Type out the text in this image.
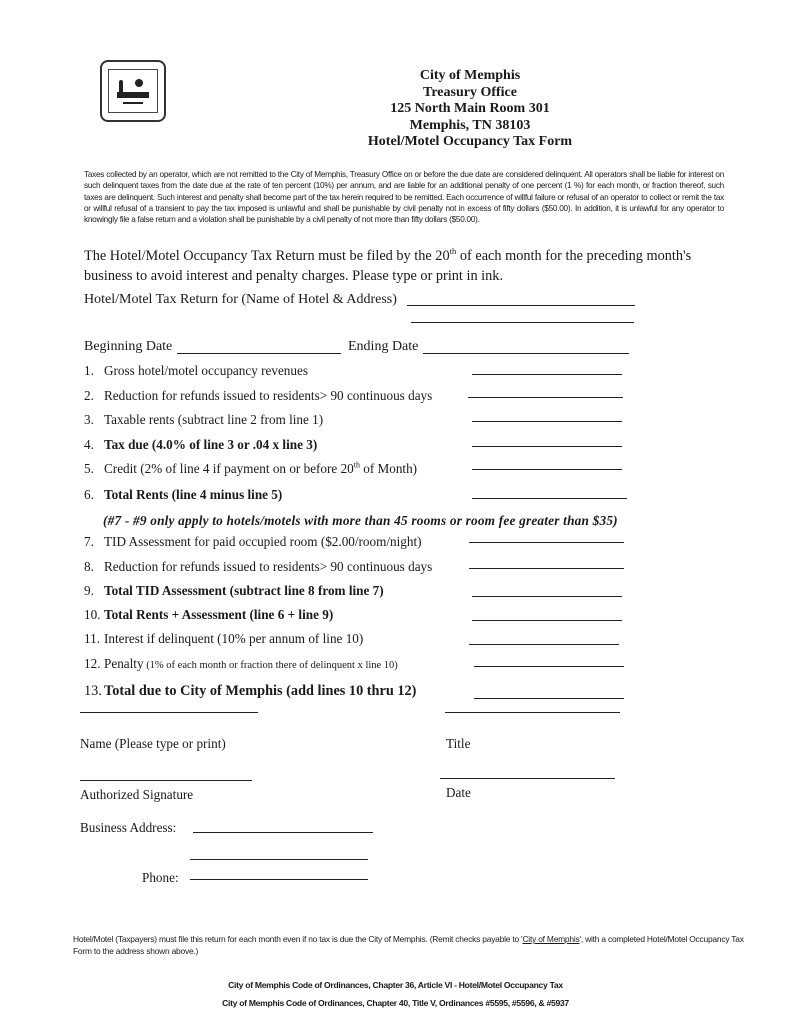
City of Memphis
Treasury Office
125 North Main Room 301
Memphis, TN 38103
Hotel/Motel Occupancy Tax Form
Taxes collected by an operator, which are not remitted to the City of Memphis, Treasury Office on or before the due date are considered delinquent. All operators shall be liable for interest on such delinquent taxes from the date due at the rate of ten percent (10%) per annum, and are liable for an additional penalty of one percent (1 %) for each month, or fraction thereof, such taxes are delinquent. Such interest and penalty shall become part of the tax herein required to be remitted. Each occurrence of willful failure or refusal of an operator to collect or remit the tax or willful refusal of a transient to pay the tax imposed is unlawful and shall be punishable by civil penalty not in excess of fifty dollars ($50.00). In addition, it is unlawful for any operator to knowingly file a false return and a violation shall be punishable by a civil penalty of not more than fifty dollars ($50.00).
The Hotel/Motel Occupancy Tax Return must be filed by the 20th of each month for the preceding month's business to avoid interest and penalty charges. Please type or print in ink.
Hotel/Motel Tax Return for (Name of Hotel & Address)
Beginning Date	Ending Date
1. Gross hotel/motel occupancy revenues
2. Reduction for refunds issued to residents> 90 continuous days
3. Taxable rents (subtract line 2 from line 1)
4. Tax due (4.0% of line 3 or .04 x line 3)
5. Credit (2% of line 4 if payment on or before 20th of Month)
6. Total Rents (line 4 minus line 5)
7. TID Assessment for paid occupied room ($2.00/room/night)
8. Reduction for refunds issued to residents> 90 continuous days
9. Total TID Assessment (subtract line 8 from line 7)
10. Total Rents + Assessment (line 6 + line 9)
11. Interest if delinquent (10% per annum of line 10)
12. Penalty (1% of each month or fraction there of delinquent x line 10)
13. Total due to City of Memphis (add lines 10 thru 12)
(#7 - #9 only apply to hotels/motels with more than 45 rooms or room fee greater than $35)
Name (Please type or print)	Title
Authorized Signature	Date
Business Address:
Phone:
Hotel/Motel (Taxpayers) must file this return for each month even if no tax is due the City of Memphis. (Remit checks payable to 'City of Memphis', with a completed Hotel/Motel Occupancy Tax Form to the address shown above.)
City of Memphis Code of Ordinances, Chapter 36, Article VI - Hotel/Motel Occupancy Tax
City of Memphis Code of Ordinances, Chapter 40, Title V, Ordinances #5595, #5596, & #5937
